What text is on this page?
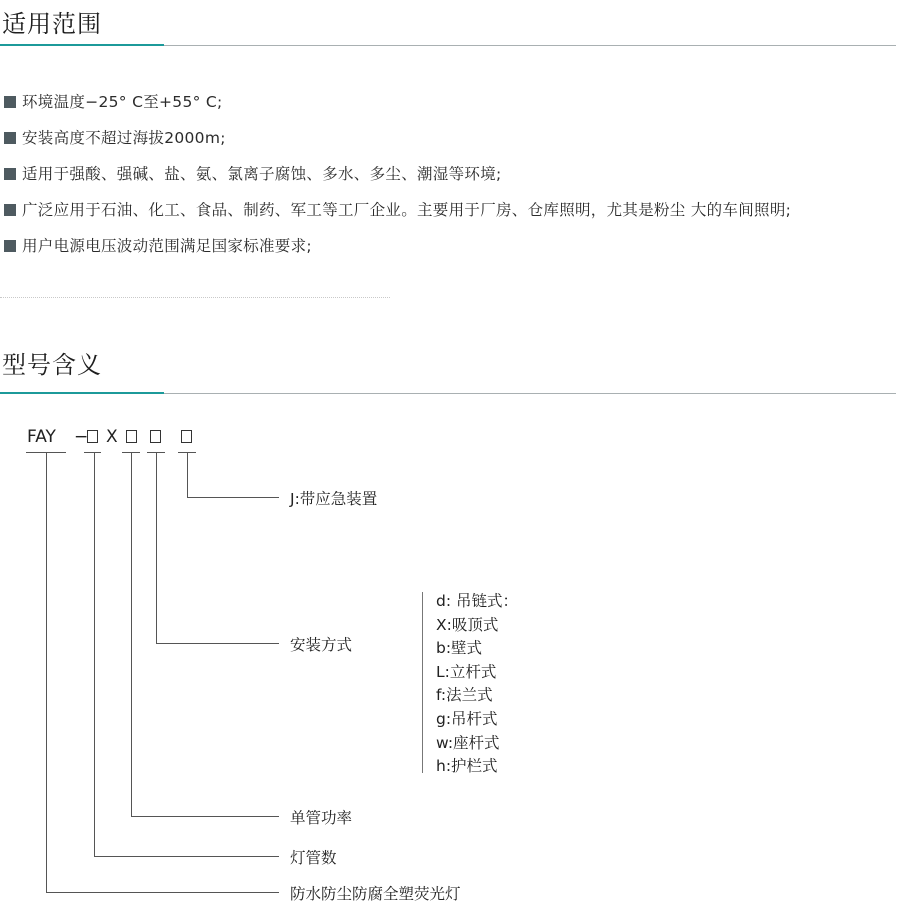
适用范围
环境温度−25° C至+55° C;
安装高度不超过海拔2000m;
适用于强酸、强碱、盐、氨、氯离子腐蚀、多水、多尘、潮湿等环境;
广泛应用于石油、化工、食品、制药、军工等工厂企业。主要用于厂房、仓库照明，尤其是粉尘 大的车间照明;
用户电源电压波动范围满足国家标准要求;
型号含义
FAY − X
J:带应急装置
安装方式
单管功率
灯管数
防水防尘防腐全塑荧光灯
d: 吊链式：
X:吸顶式
b:壁式
L:立杆式
f:法兰式
g:吊杆式
w:座杆式
h:护栏式
